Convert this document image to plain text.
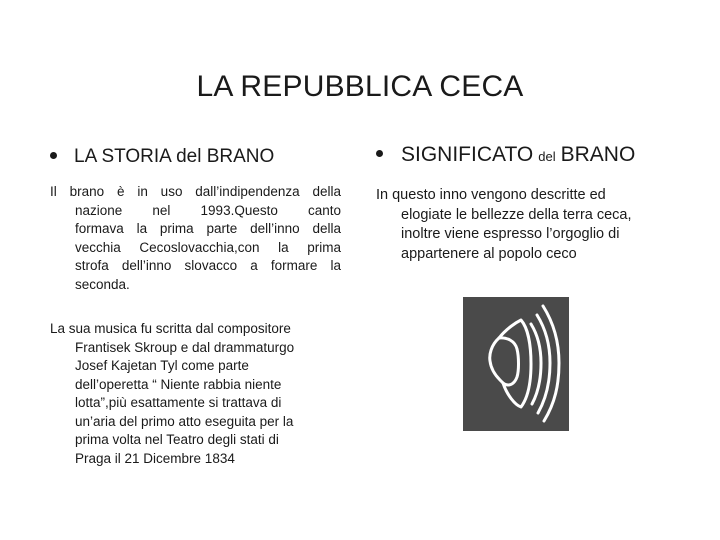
LA REPUBBLICA CECA
LA STORIA del BRANO
Il brano è in uso dall’indipendenza della
nazione nel 1993.Questo canto
formava la prima parte dell’inno della
vecchia Cecoslovacchia,con la prima
strofa dell’inno slovacco a formare la
seconda.
La sua musica fu scritta dal compositore
Frantisek Skroup e dal drammaturgo
Josef Kajetan Tyl come parte
dell’operetta “ Niente rabbia niente
lotta”,più esattamente si trattava di
un’aria del primo atto eseguita per la
prima volta nel Teatro degli stati di
Praga il 21 Dicembre 1834
SIGNIFICATO del BRANO
In questo inno vengono descritte ed
elogiate le bellezze della terra ceca,
inoltre viene espresso l’orgoglio di
appartenere al popolo ceco
